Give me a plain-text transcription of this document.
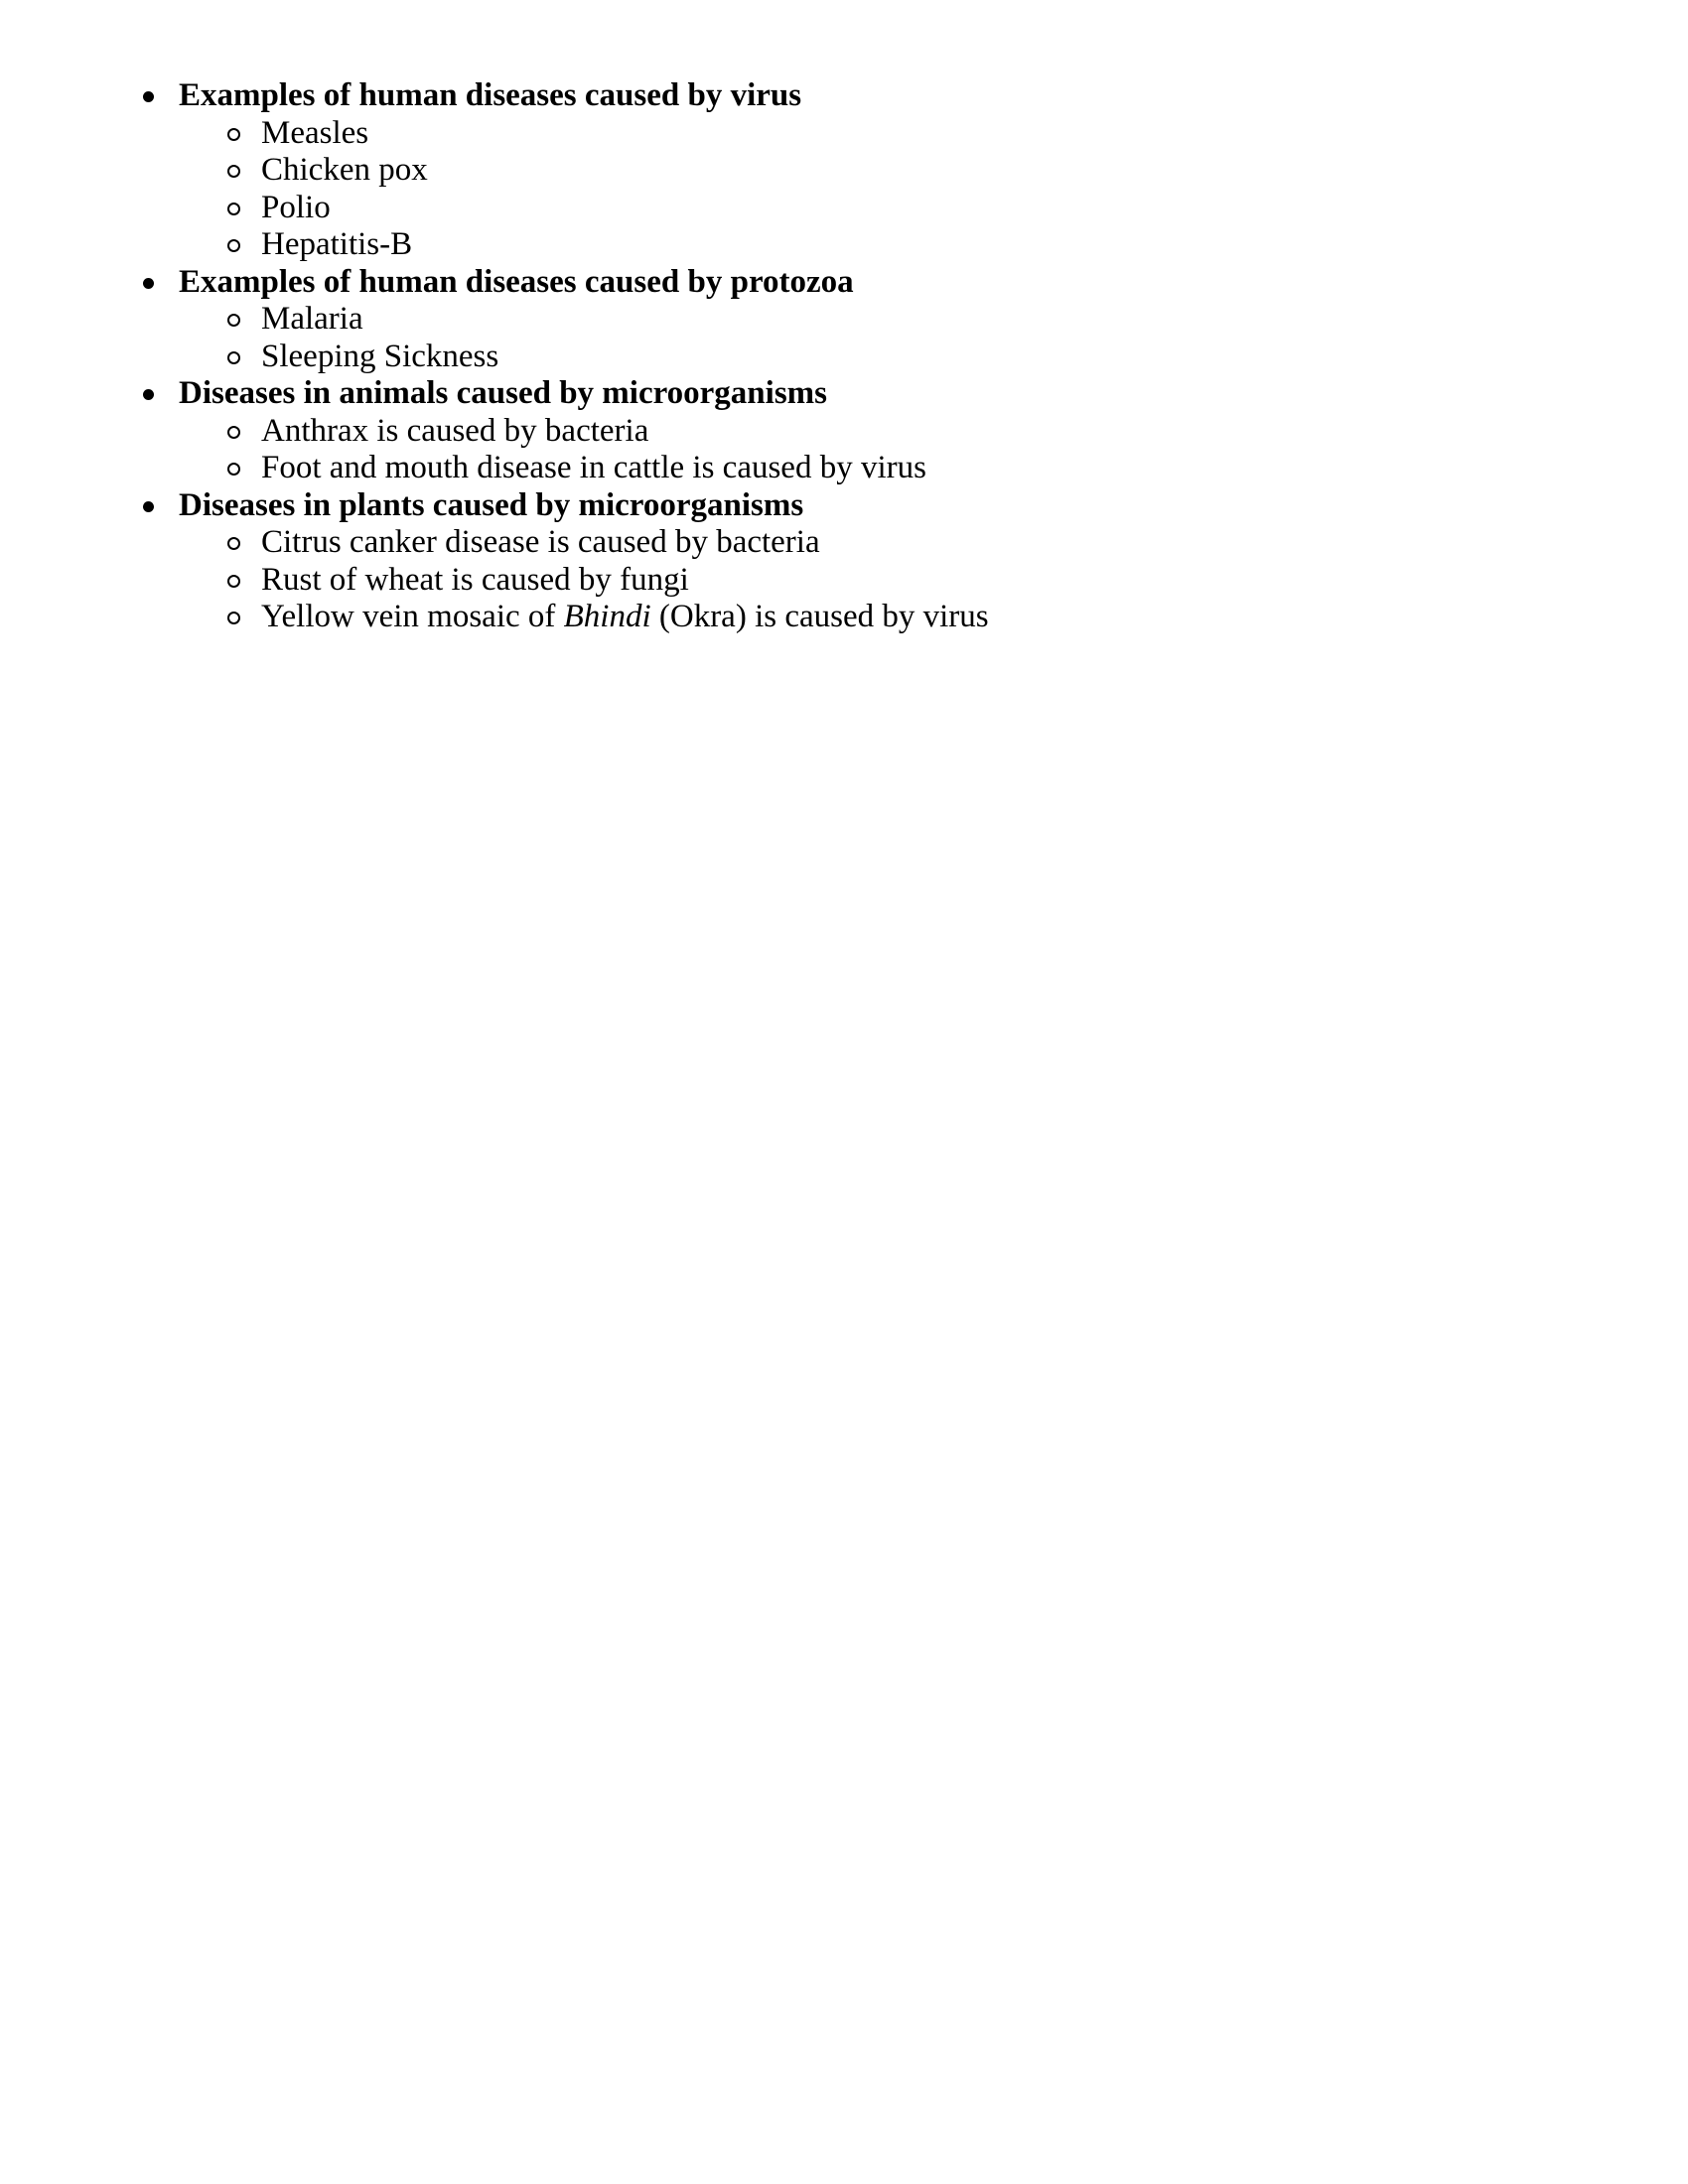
Examples of human diseases caused by virus
Measles
Chicken pox
Polio
Hepatitis-B
Examples of human diseases caused by protozoa
Malaria
Sleeping Sickness
Diseases in animals caused by microorganisms
Anthrax is caused by bacteria
Foot and mouth disease in cattle is caused by virus
Diseases in plants caused by microorganisms
Citrus canker disease is caused by bacteria
Rust of wheat is caused by fungi
Yellow vein mosaic of Bhindi (Okra) is caused by virus
